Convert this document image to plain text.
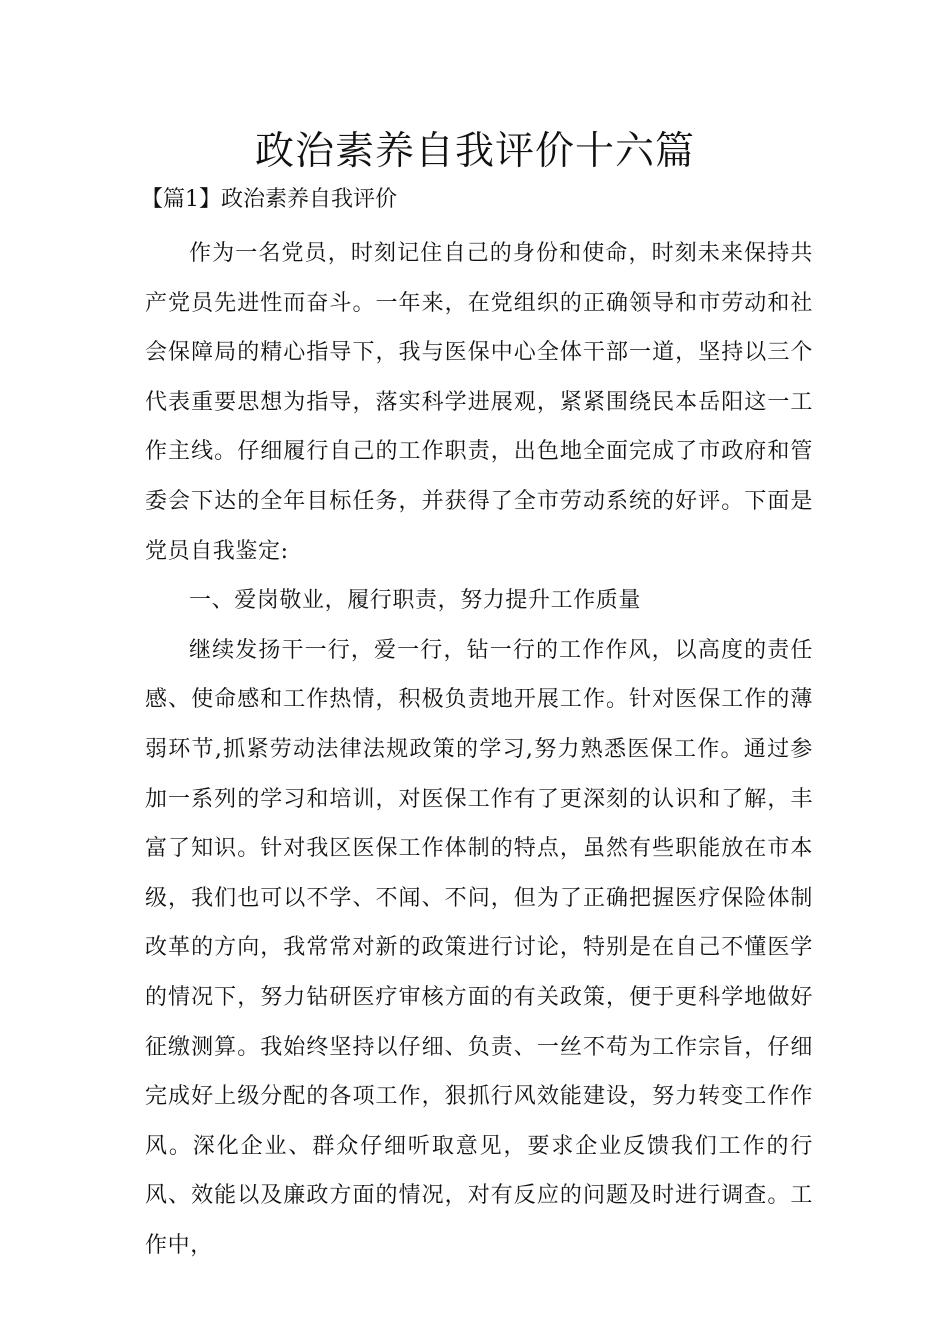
政治素养自我评价十六篇
【篇1】政治素养自我评价

作为一名党员，时刻记住自己的身份和使命，时刻未来保持共产党员先进性而奋斗。一年来，在党组织的正确领导和市劳动和社会保障局的精心指导下，我与医保中心全体干部一道，坚持以三个代表重要思想为指导，落实科学进展观，紧紧围绕民本岳阳这一工作主线。仔细履行自己的工作职责，出色地全面完成了市政府和管委会下达的全年目标任务，并获得了全市劳动系统的好评。下面是党员自我鉴定:

一、爱岗敬业，履行职责，努力提升工作质量

继续发扬干一行，爱一行，钻一行的工作作风，以高度的责任感、使命感和工作热情，积极负责地开展工作。针对医保工作的薄弱环节,抓紧劳动法律法规政策的学习,努力熟悉医保工作。通过参加一系列的学习和培训，对医保工作有了更深刻的认识和了解，丰富了知识。针对我区医保工作体制的特点，虽然有些职能放在市本级，我们也可以不学、不闻、不问，但为了正确把握医疗保险体制改革的方向，我常常对新的政策进行讨论，特别是在自己不懂医学的情况下，努力钻研医疗审核方面的有关政策，便于更科学地做好征缴测算。我始终坚持以仔细、负责、一丝不苟为工作宗旨，仔细完成好上级分配的各项工作，狠抓行风效能建设，努力转变工作作风。深化企业、群众仔细听取意见，要求企业反馈我们工作的行风、效能以及廉政方面的情况，对有反应的问题及时进行调查。工作中，
